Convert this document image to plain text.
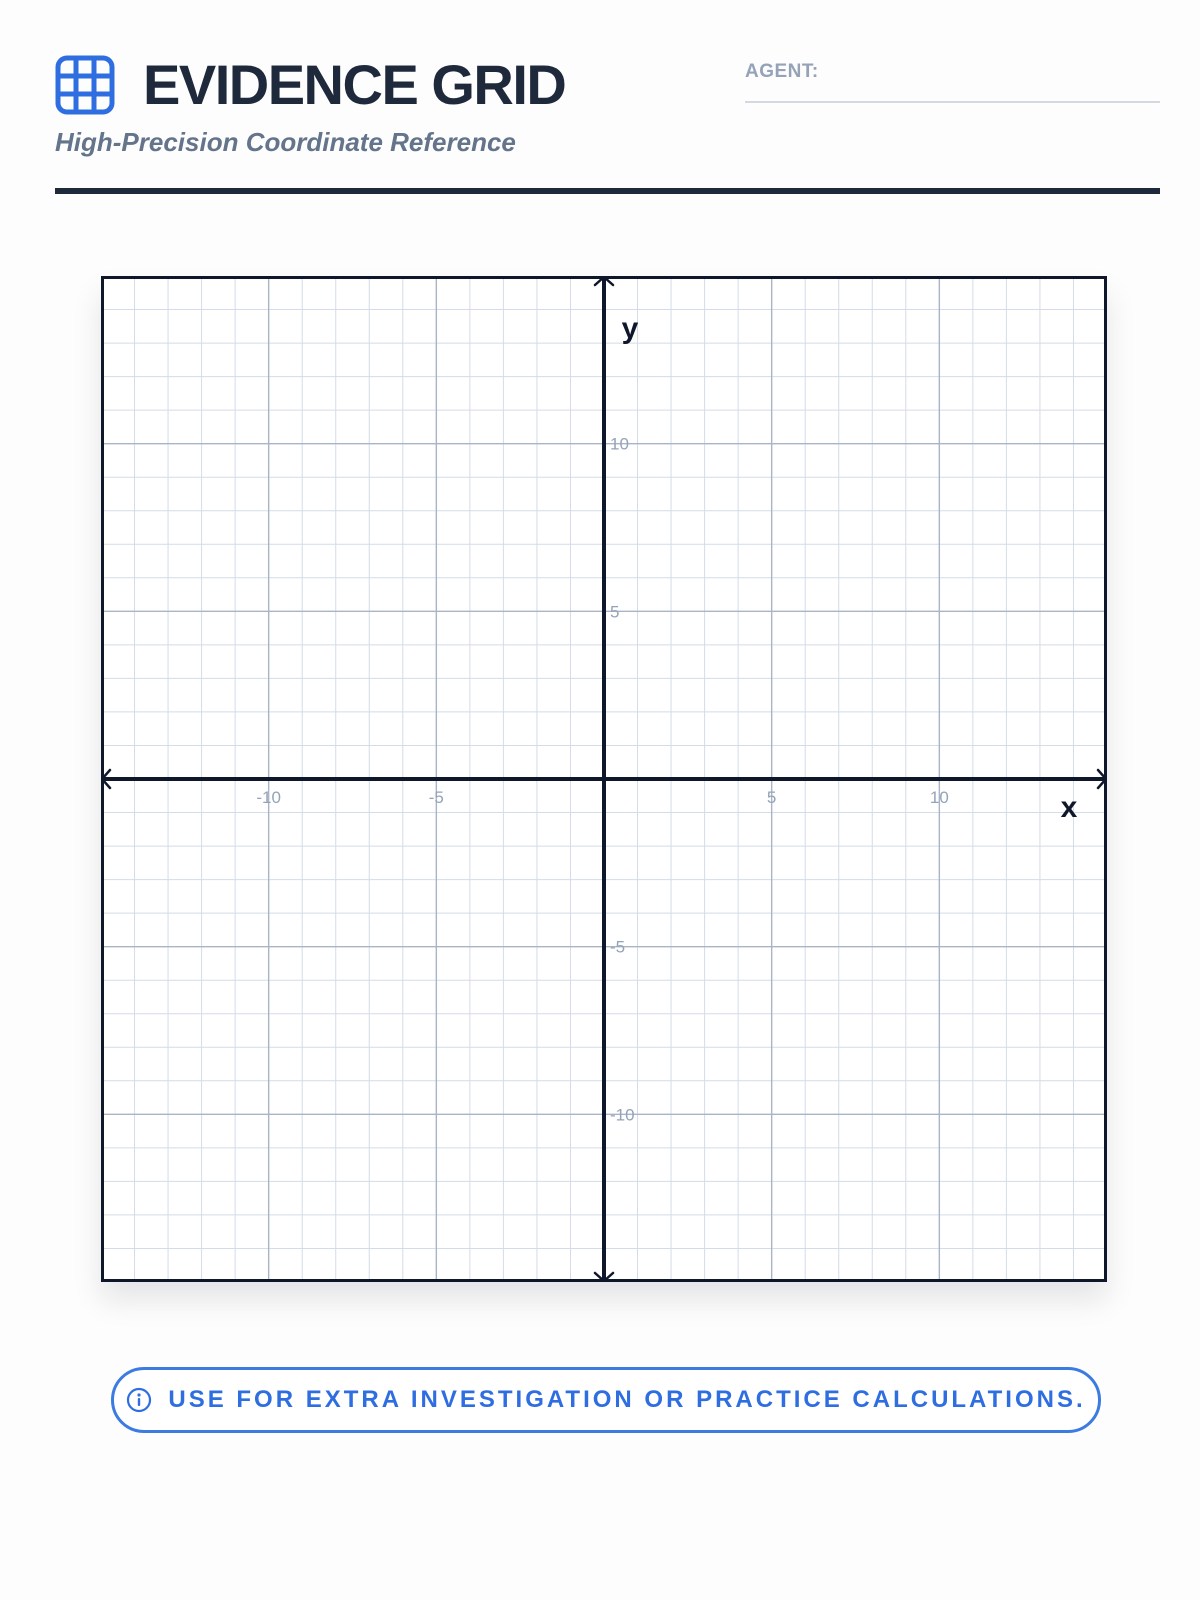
EVIDENCE GRID
High-Precision Coordinate Reference
AGENT:
-10	-5	5	10
10
5
-5
-10
x
y
USE FOR EXTRA INVESTIGATION OR PRACTICE CALCULATIONS.
